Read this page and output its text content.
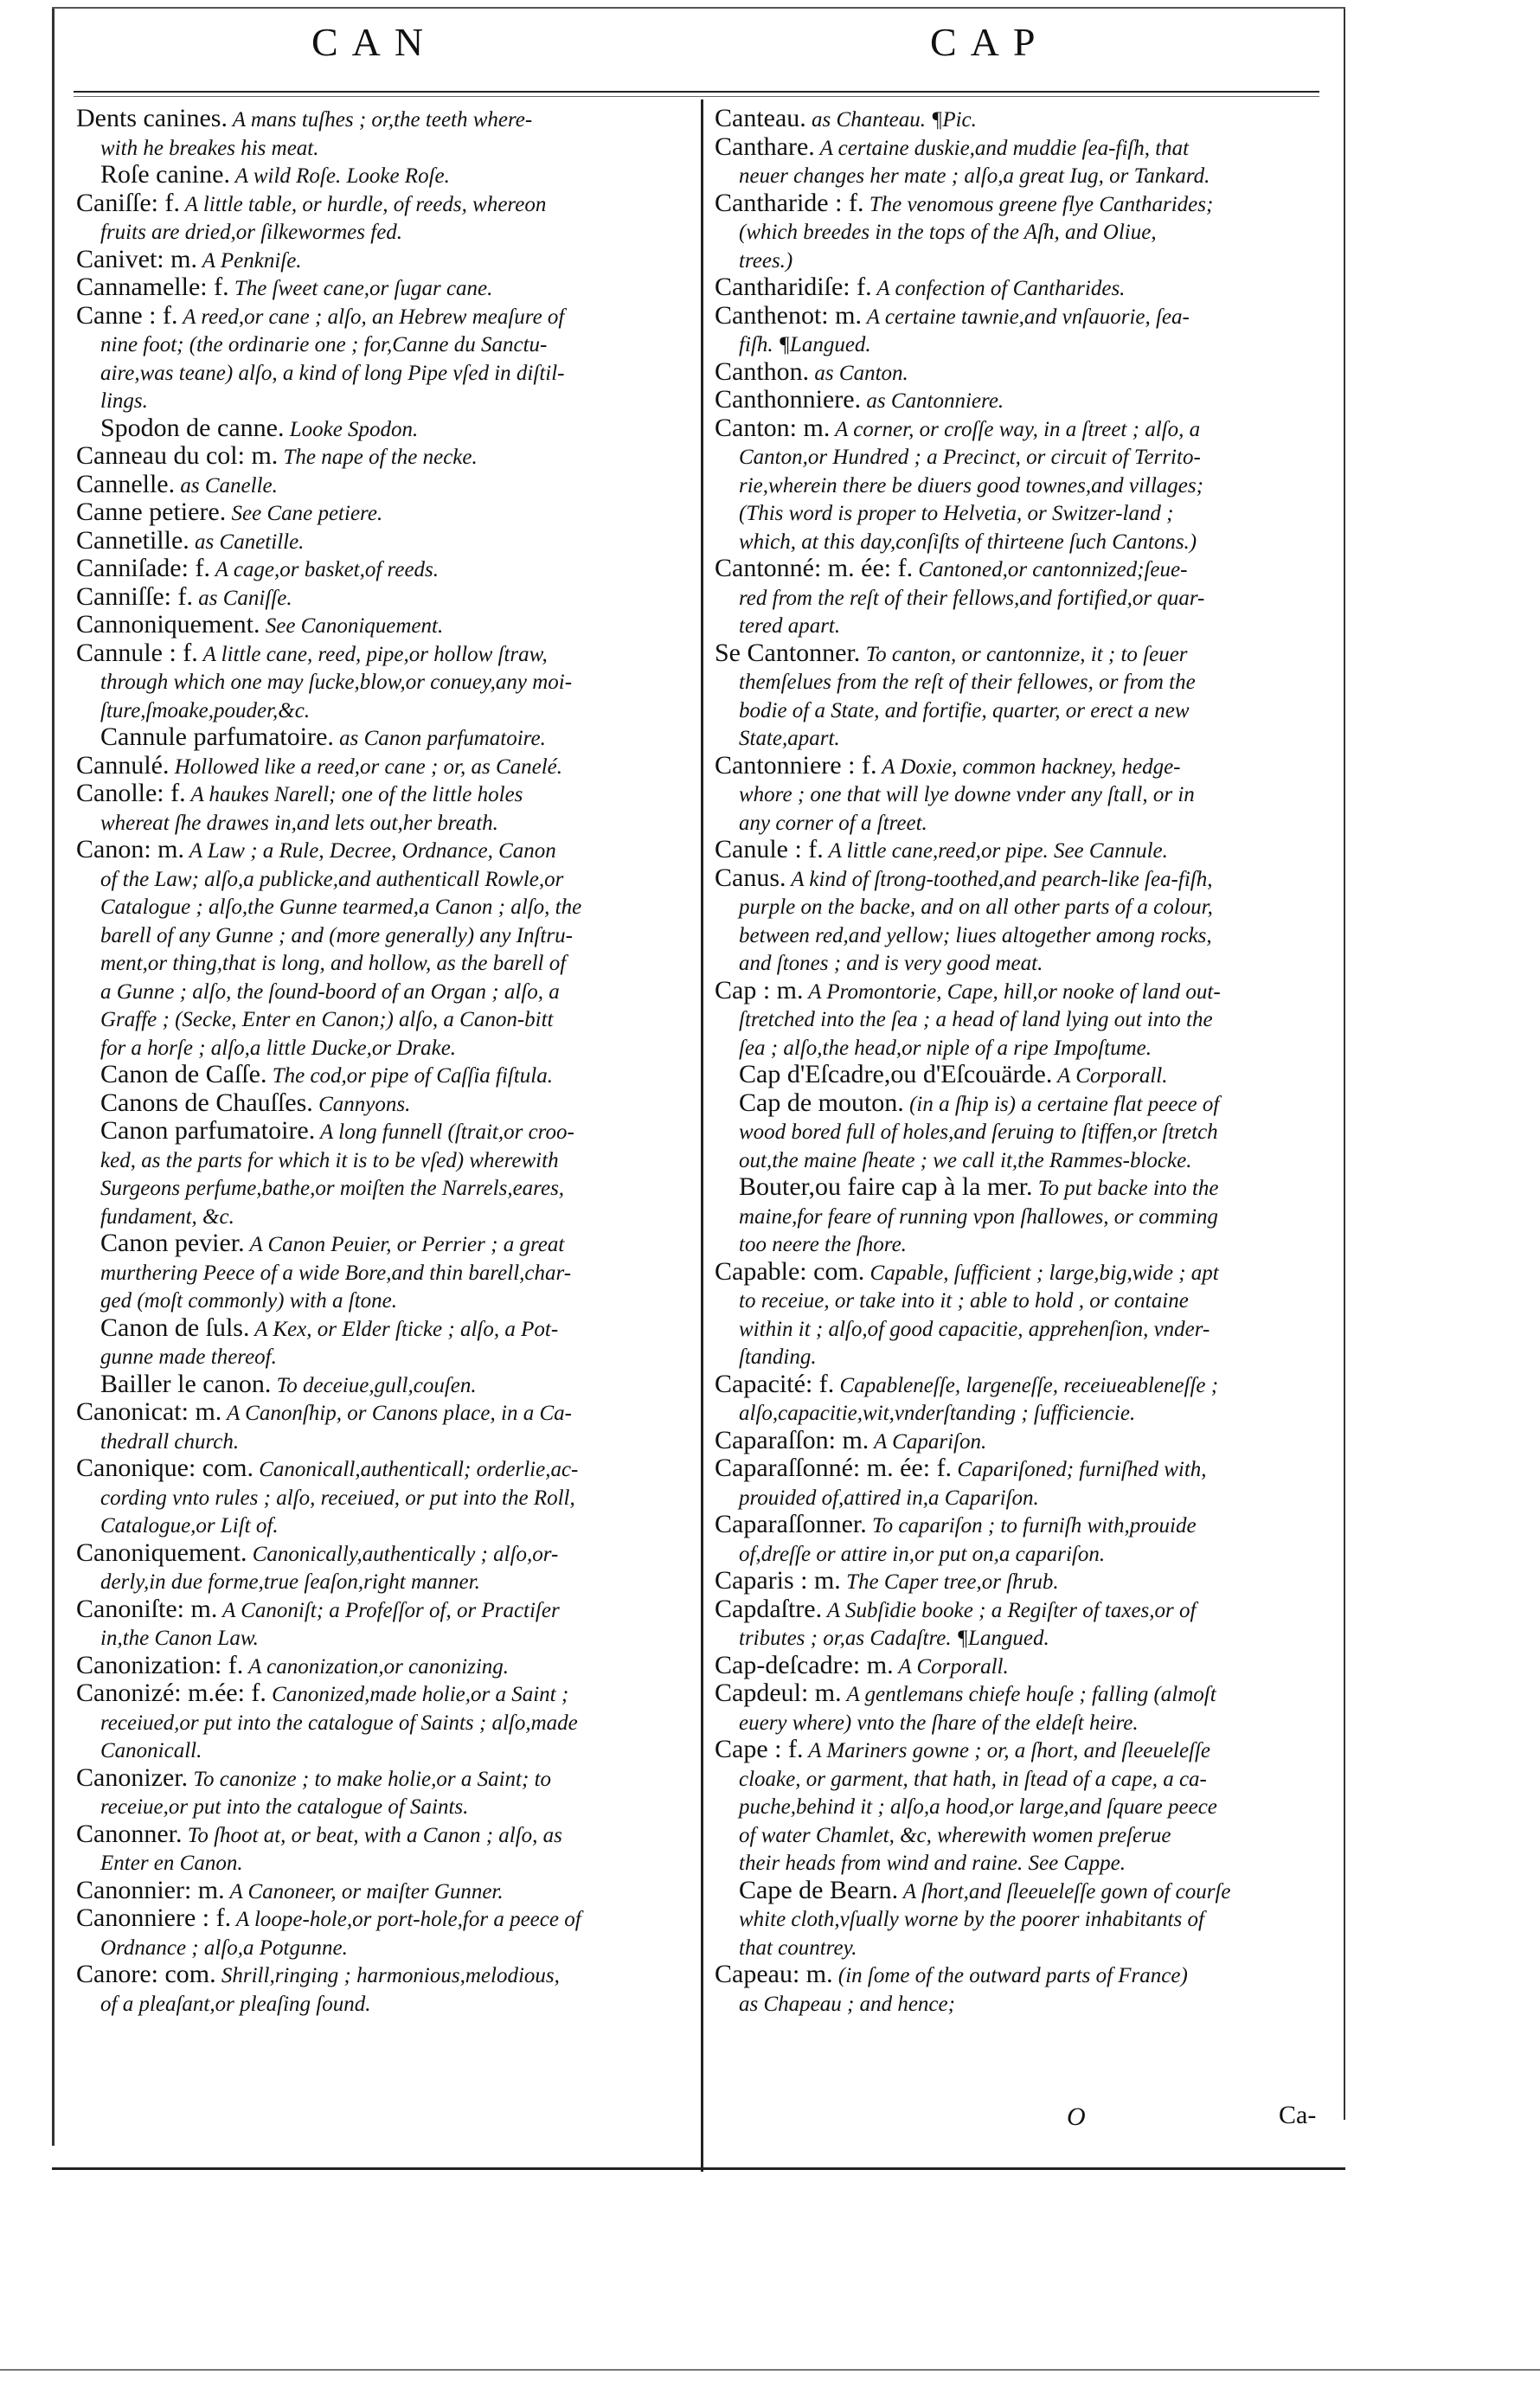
CAN	CAP
Dents canines. A mans tuſhes ; or,the teeth where-
with he breakes his meat.
Roſe canine. A wild Roſe. Looke Roſe.
Caniſſe: f. A little table, or hurdle, of reeds, whereon
fruits are dried,or ſilkewormes fed.
Canivet: m. A Penkniſe.
Cannamelle: f. The ſweet cane,or ſugar cane.
Canne : f. A reed,or cane ; alſo, an Hebrew meaſure of
nine foot; (the ordinarie one ; for,Canne du Sanctu-
aire,was teane) alſo, a kind of long Pipe vſed in diſtil-
lings.
Spodon de canne. Looke Spodon.
Canneau du col: m. The nape of the necke.
Cannelle. as Canelle.
Canne petiere. See Cane petiere.
Cannetille. as Canetille.
Canniſade: f. A cage,or basket,of reeds.
Canniſſe: f. as Caniſſe.
Cannoniquement. See Canoniquement.
Cannule : f. A little cane, reed, pipe,or hollow ſtraw,
through which one may ſucke,blow,or conuey,any moi-
ſture,ſmoake,pouder,&c.
Cannule parfumatoire. as Canon parfumatoire.
Cannulé. Hollowed like a reed,or cane ; or, as Canelé.
Canolle: f. A haukes Narell; one of the little holes
whereat ſhe drawes in,and lets out,her breath.
Canon: m. A Law ; a Rule, Decree, Ordnance, Canon
of the Law; alſo,a publicke,and authenticall Rowle,or
Catalogue ; alſo,the Gunne tearmed,a Canon ; alſo, the
barell of any Gunne ; and (more generally) any Inſtru-
ment,or thing,that is long, and hollow, as the barell of
a Gunne ; alſo, the ſound-boord of an Organ ; alſo, a
Graffe ; (Secke, Enter en Canon;) alſo, a Canon-bitt
for a horſe ; alſo,a little Ducke,or Drake.
Canon de Caſſe. The cod,or pipe of Caſſia fiſtula.
Canons de Chauſſes. Cannyons.
Canon parfumatoire. A long funnell (ſtrait,or croo-
ked, as the parts for which it is to be vſed) wherewith
Surgeons perfume,bathe,or moiſten the Narrels,eares,
fundament, &c.
Canon pevier. A Canon Peuier, or Perrier ; a great
murthering Peece of a wide Bore,and thin barell,char-
ged (moſt commonly) with a ſtone.
Canon de ſuls. A Kex, or Elder ſticke ; alſo, a Pot-
gunne made thereof.
Bailler le canon. To deceiue,gull,couſen.
Canonicat: m. A Canonſhip, or Canons place, in a Ca-
thedrall church.
Canonique: com. Canonicall,authenticall; orderlie,ac-
cording vnto rules ; alſo, receiued, or put into the Roll,
Catalogue,or Liſt of.
Canoniquement. Canonically,authentically ; alſo,or-
derly,in due forme,true ſeaſon,right manner.
Canoniſte: m. A Canoniſt; a Profeſſor of, or Practiſer
in,the Canon Law.
Canonization: f. A canonization,or canonizing.
Canonizé: m.ée: f. Canonized,made holie,or a Saint ;
receiued,or put into the catalogue of Saints ; alſo,made
Canonicall.
Canonizer. To canonize ; to make holie,or a Saint; to
receiue,or put into the catalogue of Saints.
Canonner. To ſhoot at, or beat, with a Canon ; alſo, as
Enter en Canon.
Canonnier: m. A Canoneer, or maiſter Gunner.
Canonniere : f. A loope-hole,or port-hole,for a peece of
Ordnance ; alſo,a Potgunne.
Canore: com. Shrill,ringing ; harmonious,melodious,
of a pleaſant,or pleaſing ſound.
Canteau. as Chanteau. ¶Pic.
Canthare. A certaine duskie,and muddie ſea-fiſh, that
neuer changes her mate ; alſo,a great Iug, or Tankard.
Cantharide : f. The venomous greene flye Cantharides;
(which breedes in the tops of the Aſh, and Oliue,
trees.)
Cantharidiſe: f. A confection of Cantharides.
Canthenot: m. A certaine tawnie,and vnſauorie, ſea-
fiſh. ¶Langued.
Canthon. as Canton.
Canthonniere. as Cantonniere.
Canton: m. A corner, or croſſe way, in a ſtreet ; alſo, a
Canton,or Hundred ; a Precinct, or circuit of Territo-
rie,wherein there be diuers good townes,and villages;
(This word is proper to Helvetia, or Switzer-land ;
which, at this day,conſiſts of thirteene ſuch Cantons.)
Cantonné: m. ée: f. Cantoned,or cantonnized;ſeue-
red from the reſt of their fellows,and fortified,or quar-
tered apart.
Se Cantonner. To canton, or cantonnize, it ; to ſeuer
themſelues from the reſt of their fellowes, or from the
bodie of a State, and fortifie, quarter, or erect a new
State,apart.
Cantonniere : f. A Doxie, common hackney, hedge-
whore ; one that will lye downe vnder any ſtall, or in
any corner of a ſtreet.
Canule : f. A little cane,reed,or pipe. See Cannule.
Canus. A kind of ſtrong-toothed,and pearch-like ſea-fiſh,
purple on the backe, and on all other parts of a colour,
between red,and yellow; liues altogether among rocks,
and ſtones ; and is very good meat.
Cap : m. A Promontorie, Cape, hill,or nooke of land out-
ſtretched into the ſea ; a head of land lying out into the
ſea ; alſo,the head,or niple of a ripe Impoſtume.
Cap d'Eſcadre,ou d'Eſcouärde. A Corporall.
Cap de mouton. (in a ſhip is) a certaine flat peece of
wood bored full of holes,and ſeruing to ſtiffen,or ſtretch
out,the maine ſheate ; we call it,the Rammes-blocke.
Bouter,ou faire cap à la mer. To put backe into the
maine,for feare of running vpon ſhallowes, or comming
too neere the ſhore.
Capable: com. Capable, ſufficient ; large,big,wide ; apt
to receiue, or take into it ; able to hold , or containe
within it ; alſo,of good capacitie, apprehenſion, vnder-
ſtanding.
Capacité: f. Capableneſſe, largeneſſe, receiueableneſſe ;
alſo,capacitie,wit,vnderſtanding ; ſufficiencie.
Caparaſſon: m. A Capariſon.
Caparaſſonné: m. ée: f. Capariſoned; furniſhed with,
prouided of,attired in,a Capariſon.
Caparaſſonner. To capariſon ; to furniſh with,prouide
of,dreſſe or attire in,or put on,a capariſon.
Caparis : m. The Caper tree,or ſhrub.
Capdaſtre. A Subſidie booke ; a Regiſter of taxes,or of
tributes ; or,as Cadaſtre. ¶Langued.
Cap-deſcadre: m. A Corporall.
Capdeul: m. A gentlemans chiefe houſe ; falling (almoſt
euery where) vnto the ſhare of the eldeſt heire.
Cape : f. A Mariners gowne ; or, a ſhort, and ſleeueleſſe
cloake, or garment, that hath, in ſtead of a cape, a ca-
puche,behind it ; alſo,a hood,or large,and ſquare peece
of water Chamlet, &c, wherewith women preſerue
their heads from wind and raine. See Cappe.
Cape de Bearn. A ſhort,and ſleeueleſſe gown of courſe
white cloth,vſually worne by the poorer inhabitants of
that countrey.
Capeau: m. (in ſome of the outward parts of France)
as Chapeau ; and hence;
O	Ca-
